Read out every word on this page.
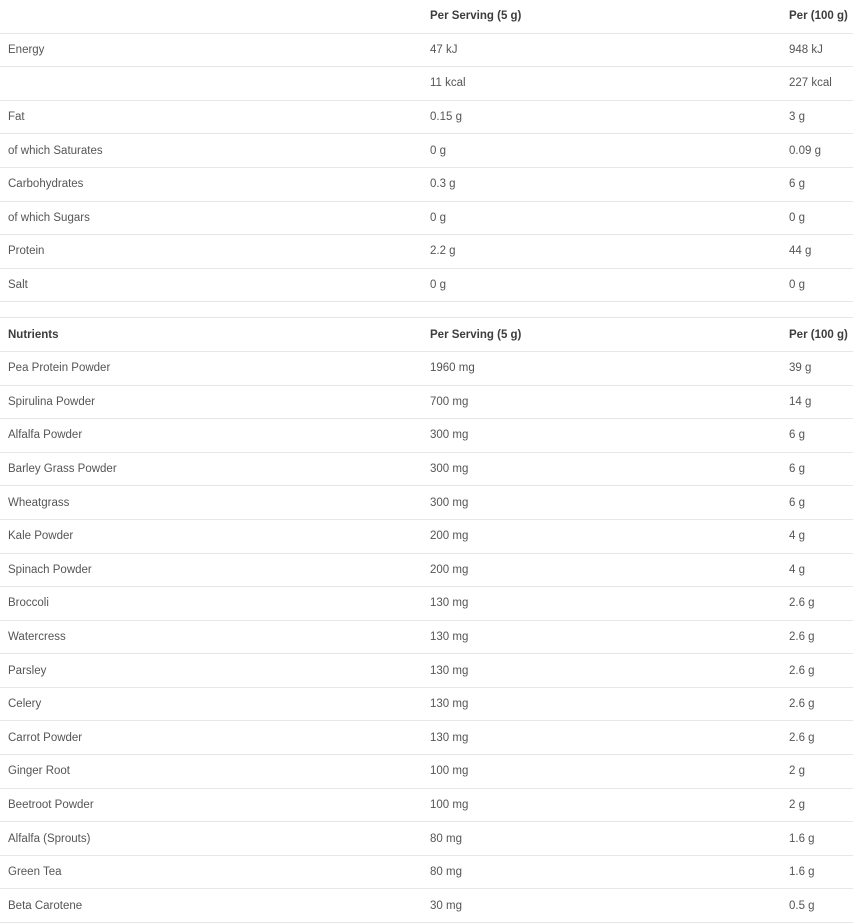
	Per Serving (5 g)	Per (100 g)
Energy	47 kJ	948 kJ
	11 kcal	227 kcal
Fat	0.15 g	3 g
of which Saturates	0 g	0.09 g
Carbohydrates	0.3 g	6 g
of which Sugars	0 g	0 g
Protein	2.2 g	44 g
Salt	0 g	0 g

Nutrients	Per Serving (5 g)	Per (100 g)
Pea Protein Powder	1960 mg	39 g
Spirulina Powder	700 mg	14 g
Alfalfa Powder	300 mg	6 g
Barley Grass Powder	300 mg	6 g
Wheatgrass	300 mg	6 g
Kale Powder	200 mg	4 g
Spinach Powder	200 mg	4 g
Broccoli	130 mg	2.6 g
Watercress	130 mg	2.6 g
Parsley	130 mg	2.6 g
Celery	130 mg	2.6 g
Carrot Powder	130 mg	2.6 g
Ginger Root	100 mg	2 g
Beetroot Powder	100 mg	2 g
Alfalfa (Sprouts)	80 mg	1.6 g
Green Tea	80 mg	1.6 g
Beta Carotene	30 mg	0.5 g
